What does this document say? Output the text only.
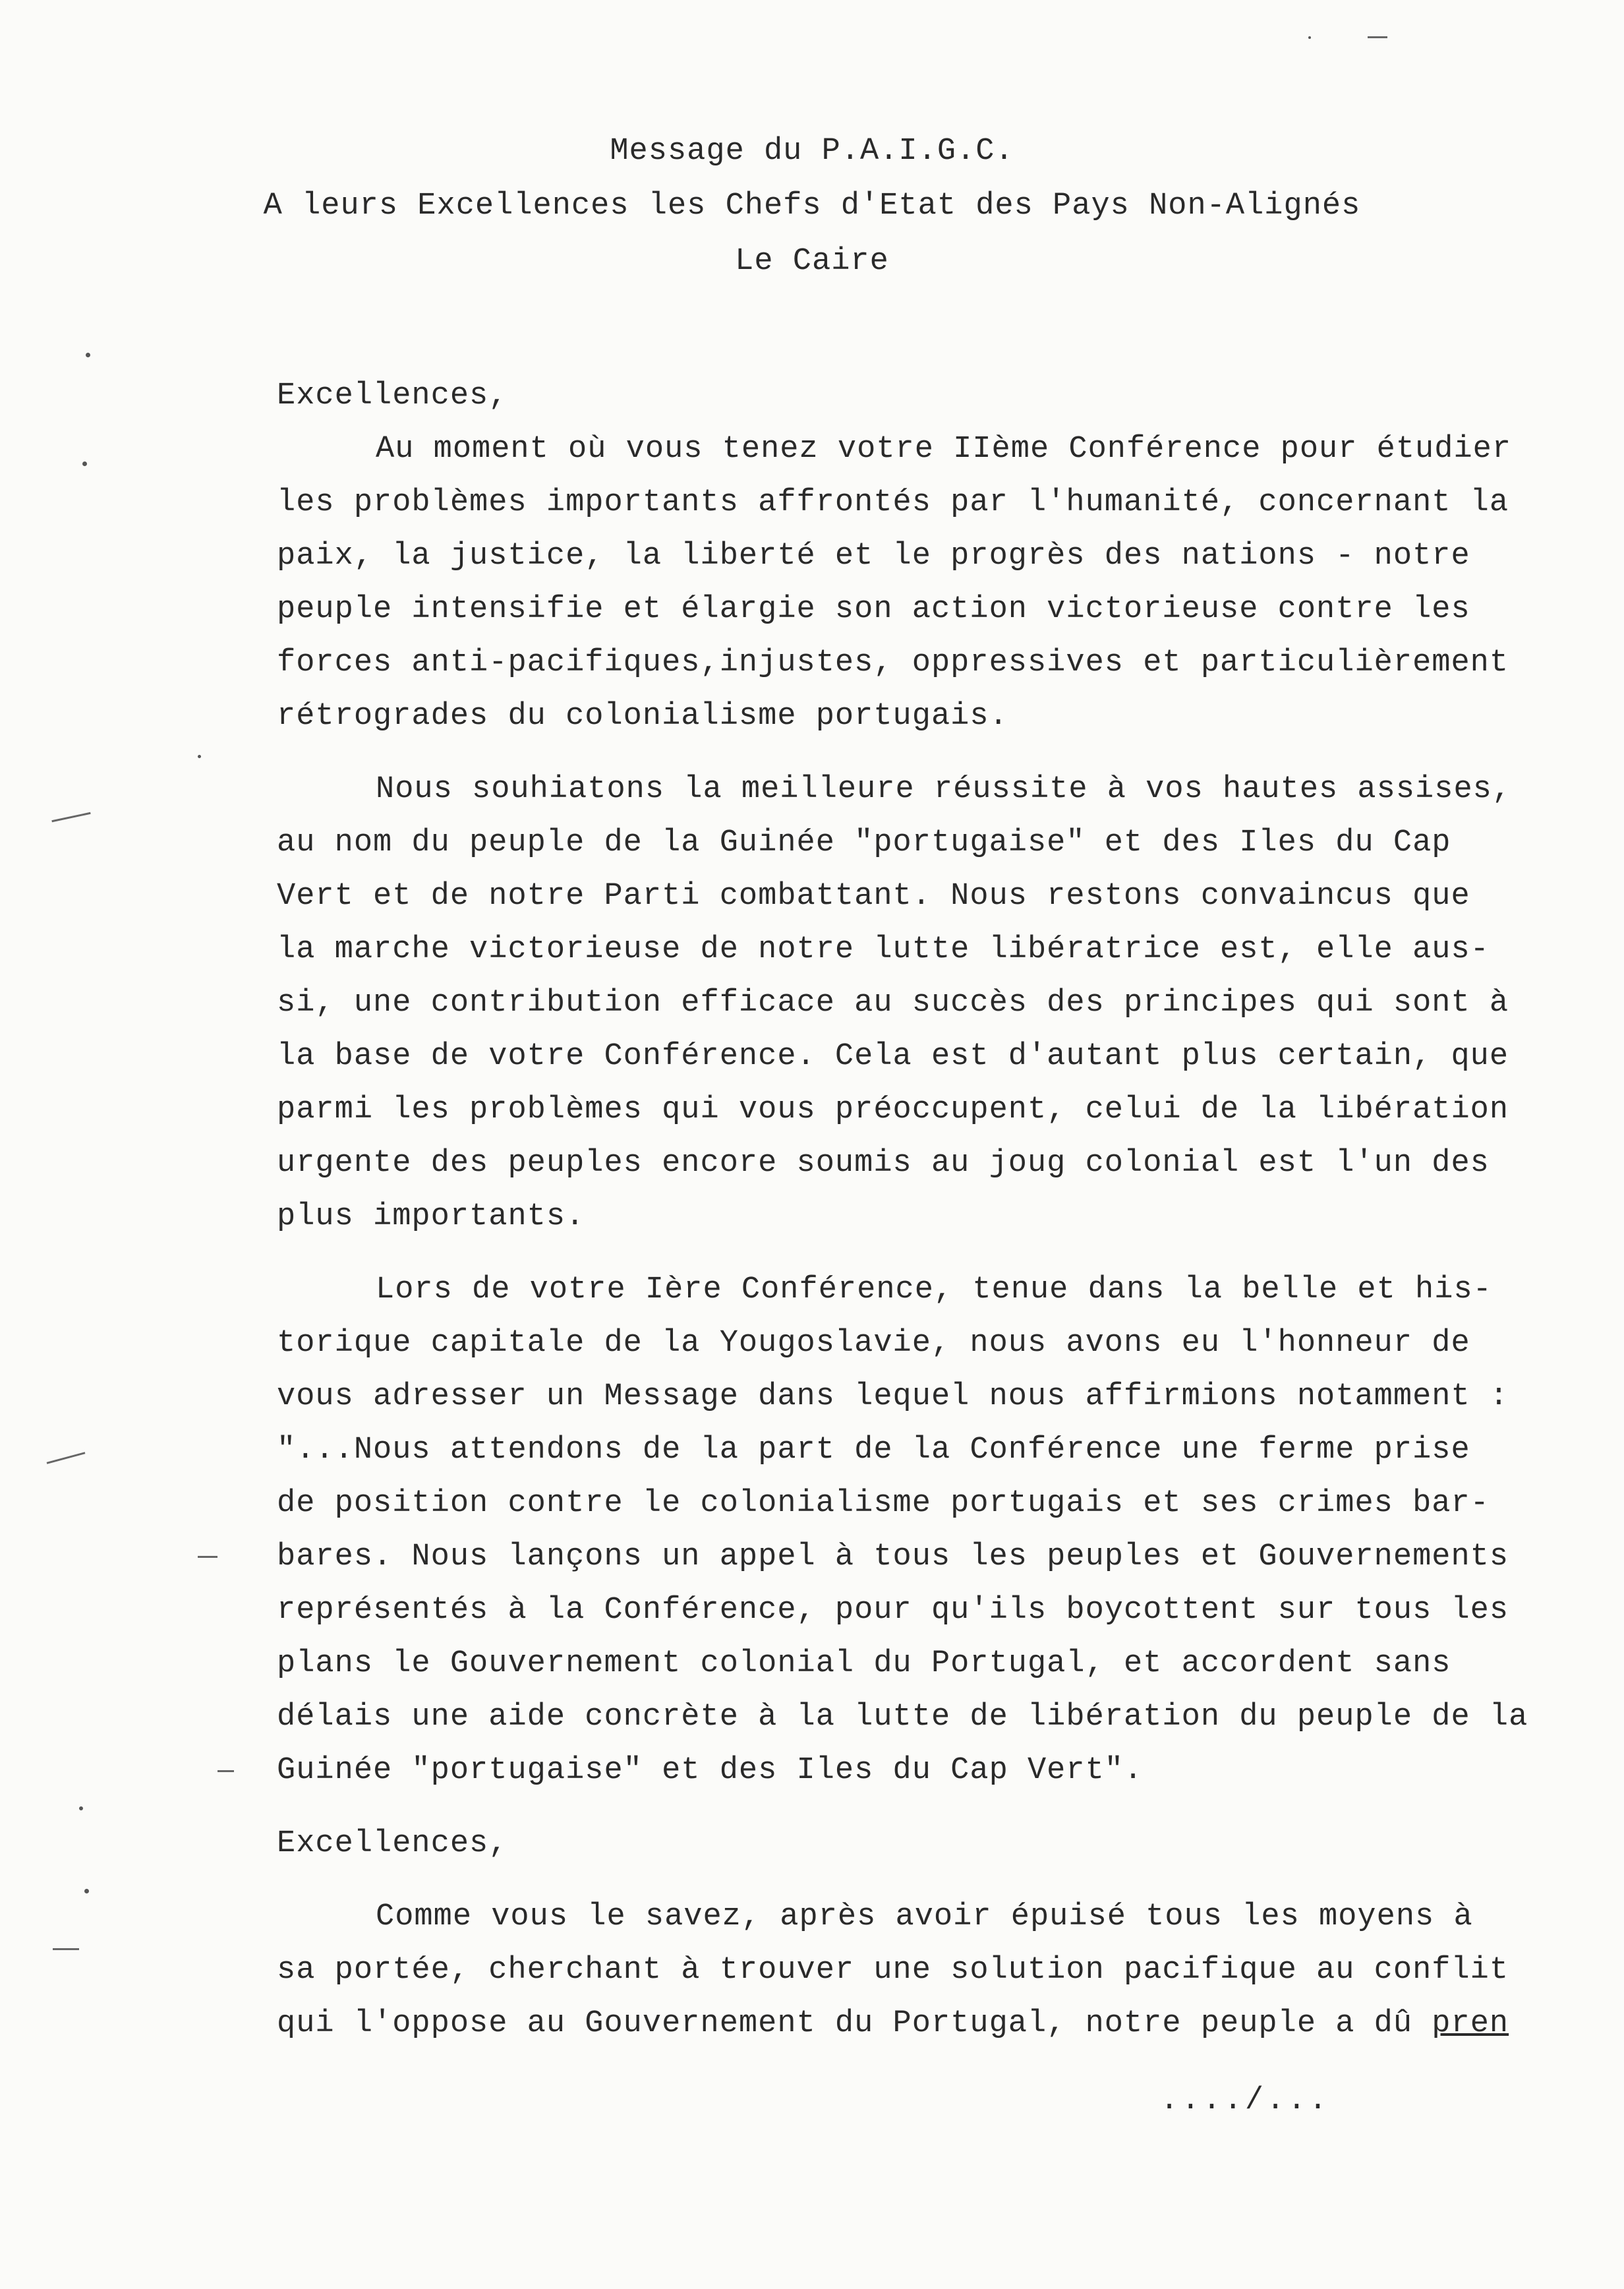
Message du P.A.I.G.C.
A leurs Excellences les Chefs d'Etat des Pays Non-Alignés
Le Caire
Excellences,
Au moment où vous tenez votre IIème Conférence pour étudier
les problèmes importants affrontés par l'humanité, concernant la
paix, la justice, la liberté et le progrès des nations - notre
peuple intensifie et élargie son action victorieuse contre les
forces anti-pacifiques,injustes, oppressives et particulièrement
rétrogrades du colonialisme portugais.
Nous souhiatons la meilleure réussite à vos hautes assises,
au nom du peuple de la Guinée "portugaise" et des Iles du Cap
Vert et de notre Parti combattant. Nous restons convaincus que
la marche victorieuse de notre lutte libératrice est, elle aus-
si, une contribution efficace au succès des principes qui sont à
la base de votre Conférence. Cela est d'autant plus certain, que
parmi les problèmes qui vous préoccupent, celui de la libération
urgente des peuples encore soumis au joug colonial est l'un des
plus importants.
Lors de votre Ière Conférence, tenue dans la belle et his-
torique capitale de la Yougoslavie, nous avons eu l'honneur de
vous adresser un Message dans lequel nous affirmions notamment :
"...Nous attendons de la part de la Conférence une ferme prise
de position contre le colonialisme portugais et ses crimes bar-
bares. Nous lançons un appel à tous les peuples et Gouvernements
représentés à la Conférence, pour qu'ils boycottent sur tous les
plans le Gouvernement colonial du Portugal, et accordent sans
délais une aide concrète à la lutte de libération du peuple de la
Guinée "portugaise" et des Iles du Cap Vert".
Excellences,
Comme vous le savez, après avoir épuisé tous les moyens à
sa portée, cherchant à trouver une solution pacifique au conflit
qui l'oppose au Gouvernement du Portugal, notre peuple a dû pren
..../...
